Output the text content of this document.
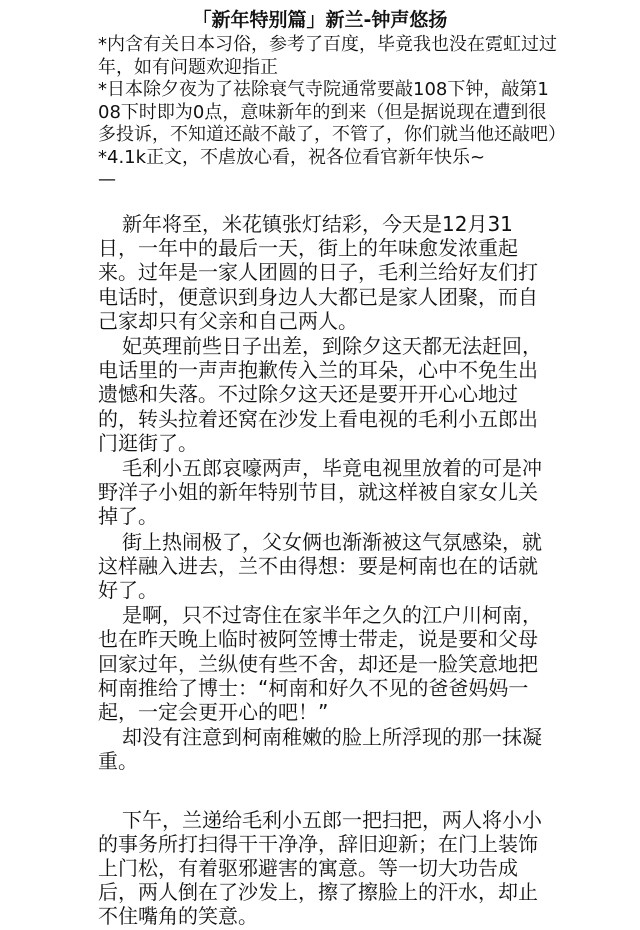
「新年特别篇」新兰-钟声悠扬

*内含有关日本习俗，参考了百度，毕竟我也没在霓虹过过年，如有问题欢迎指正

*日本除夕夜为了祛除衰气寺院通常要敲108下钟，敲第108下时即为0点，意味新年的到来（但是据说现在遭到很多投诉，不知道还敲不敲了，不管了，你们就当他还敲吧）

*4.1k正文，不虐放心看，祝各位看官新年快乐~

—

新年将至，米花镇张灯结彩，今天是12月31日，一年中的最后一天，街上的年味愈发浓重起来。过年是一家人团圆的日子，毛利兰给好友们打电话时，便意识到身边人大都已是家人团聚，而自己家却只有父亲和自己两人。

妃英理前些日子出差，到除夕这天都无法赶回，电话里的一声声抱歉传入兰的耳朵，心中不免生出遗憾和失落。不过除夕这天还是要开开心心地过的，转头拉着还窝在沙发上看电视的毛利小五郎出门逛街了。

毛利小五郎哀嚎两声，毕竟电视里放着的可是冲野洋子小姐的新年特别节目，就这样被自家女儿关掉了。

街上热闹极了，父女俩也渐渐被这气氛感染，就这样融入进去，兰不由得想：要是柯南也在的话就好了。

是啊，只不过寄住在家半年之久的江户川柯南，也在昨天晚上临时被阿笠博士带走，说是要和父母回家过年，兰纵使有些不舍，却还是一脸笑意地把柯南推给了博士：“柯南和好久不见的爸爸妈妈一起，一定会更开心的吧！”

却没有注意到柯南稚嫩的脸上所浮现的那一抹凝重。

下午，兰递给毛利小五郎一把扫把，两人将小小的事务所打扫得干干净净，辞旧迎新；在门上装饰上门松，有着驱邪避害的寓意。等一切大功告成后，两人倒在了沙发上，擦了擦脸上的汗水，却止不住嘴角的笑意。
